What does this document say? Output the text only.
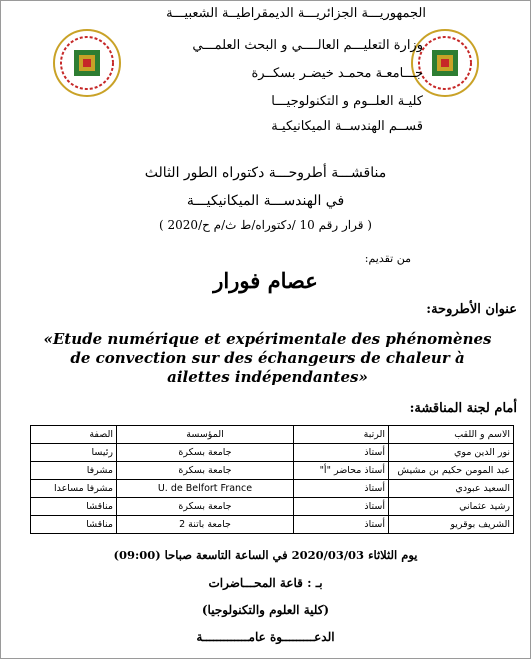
الجمهوريـــة الجزائريـــة الديمقراطيــة الشعبيـــة
وزارة التعليـــم العالــــي و البحث العلمـــي
جـــامعـة محمـد خيضـر بسكــرة
كليـة العلــوم و التكنولوجيـــا
قســم الهندســة الميكانيكيـة
مناقشـــة أطروحـــة دكتوراه الطور الثالث
في الهندســـة الميكانيكيـــة
( قرار رقم 10 /دكتوراه/ط ث/م ح/2020 )
من تقديم:
عصام فورار
عنوان الأطروحة:
«Etude numérique et expérimentale des phénomènes de convection sur des échangeurs de chaleur à ailettes indépendantes»
أمام لجنة المناقشة:
الاسم و اللقب	الرتبة	المؤسسة	الصفة
نور الدين موي	أستاذ	جامعة بسكرة	رئيسا
عبد المومن حكيم بن مشيش	أستاذ محاضر "أ"	جامعة بسكرة	مشرفا
السعيد عبودي	أستاذ	U. de Belfort France	مشرفا مساعدا
رشيد عثماني	أستاذ	جامعة بسكرة	مناقشا
الشريف بوقريو	أستاذ	جامعة باتنة 2	مناقشا
يوم الثلاثاء 2020/03/03 في الساعة التاسعة صباحا (09:00)
بـ : قاعة المحـــاضرات
(كلية العلوم والتكنولوجيا)
الدعـــــــــوة عامـــــــــــــة
